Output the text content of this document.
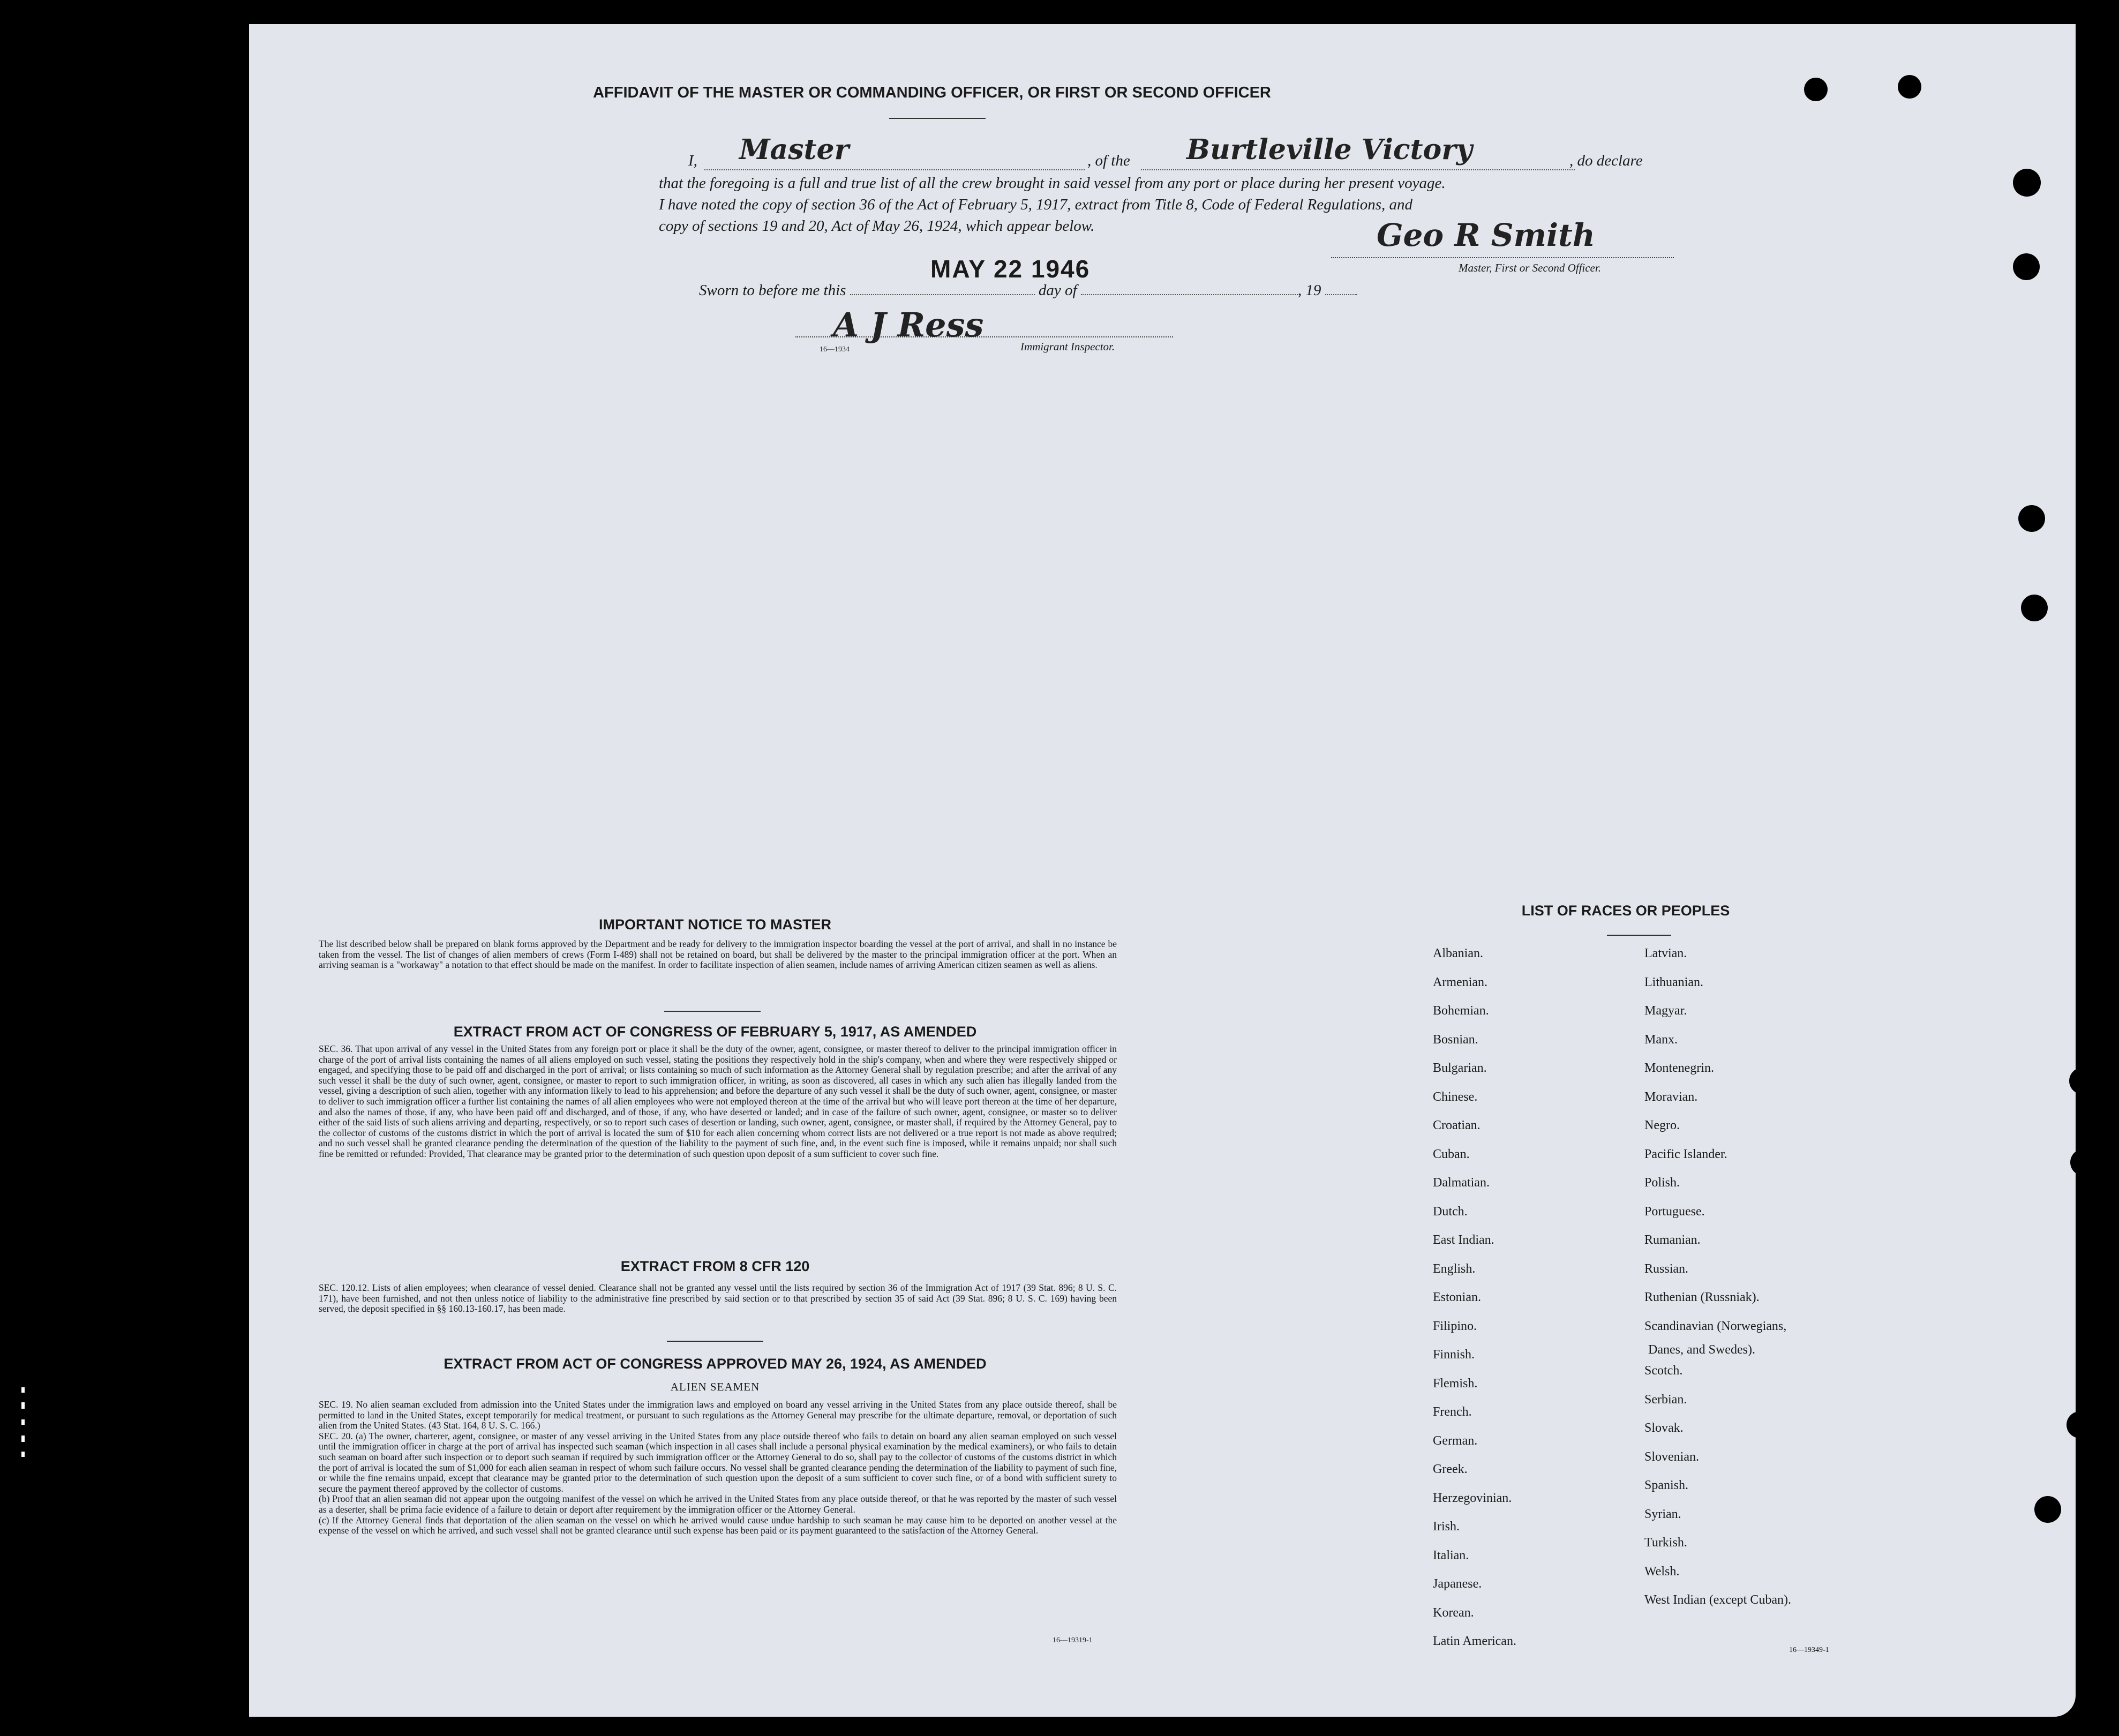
AFFIDAVIT OF THE MASTER OR COMMANDING OFFICER, OR FIRST OR SECOND OFFICER
I, Master	, of the Burtleville Victory	, do declare
that the foregoing is a full and true list of all the crew brought in said vessel from any port or place during her present voyage.
I have noted the copy of section 36 of the Act of February 5, 1917, extract from Title 8, Code of Federal Regulations, and
copy of sections 19 and 20, Act of May 26, 1924, which appear below.	Geo R Smith
Master, First or Second Officer.
MAY 22 1946
Sworn to before me this	day of	, 19
A J Ress
16—1934	Immigrant Inspector.
IMPORTANT NOTICE TO MASTER
The list described below shall be prepared on blank forms approved by the Department and be ready for delivery to the immigration inspector boarding the vessel at the port of arrival, and shall in no instance be taken from the vessel. The list of changes of alien members of crews (Form I-489) shall not be retained on board, but shall be delivered by the master to the principal immigration officer at the port. When an arriving seaman is a "workaway" a notation to that effect should be made on the manifest. In order to facilitate inspection of alien seamen, include names of arriving American citizen seamen as well as aliens.
EXTRACT FROM ACT OF CONGRESS OF FEBRUARY 5, 1917, AS AMENDED
SEC. 36. That upon arrival of any vessel in the United States from any foreign port or place it shall be the duty of the owner, agent, consignee, or master thereof to deliver to the principal immigration officer in charge of the port of arrival lists containing the names of all aliens employed on such vessel, stating the positions they respectively hold in the ship's company, when and where they were respectively shipped or engaged, and specifying those to be paid off and discharged in the port of arrival; or lists containing so much of such information as the Attorney General shall by regulation prescribe; and after the arrival of any such vessel it shall be the duty of such owner, agent, consignee, or master to report to such immigration officer, in writing, as soon as discovered, all cases in which any such alien has illegally landed from the vessel, giving a description of such alien, together with any information likely to lead to his apprehension; and before the departure of any such vessel it shall be the duty of such owner, agent, consignee, or master to deliver to such immigration officer a further list containing the names of all alien employees who were not employed thereon at the time of the arrival but who will leave port thereon at the time of her departure, and also the names of those, if any, who have been paid off and discharged, and of those, if any, who have deserted or landed; and in case of the failure of such owner, agent, consignee, or master so to deliver either of the said lists of such aliens arriving and departing, respectively, or so to report such cases of desertion or landing, such owner, agent, consignee, or master shall, if required by the Attorney General, pay to the collector of customs of the customs district in which the port of arrival is located the sum of $10 for each alien concerning whom correct lists are not delivered or a true report is not made as above required; and no such vessel shall be granted clearance pending the determination of the question of the liability to the payment of such fine, and, in the event such fine is imposed, while it remains unpaid; nor shall such fine be remitted or refunded: Provided, That clearance may be granted prior to the determination of such question upon deposit of a sum sufficient to cover such fine.
EXTRACT FROM 8 CFR 120
SEC. 120.12. Lists of alien employees; when clearance of vessel denied. Clearance shall not be granted any vessel until the lists required by section 36 of the Immigration Act of 1917 (39 Stat. 896; 8 U. S. C. 171), have been furnished, and not then unless notice of liability to the administrative fine prescribed by said section or to that prescribed by section 35 of said Act (39 Stat. 896; 8 U. S. C. 169) having been served, the deposit specified in §§ 160.13-160.17, has been made.
EXTRACT FROM ACT OF CONGRESS APPROVED MAY 26, 1924, AS AMENDED
ALIEN SEAMEN
SEC. 19. No alien seaman excluded from admission into the United States under the immigration laws and employed on board any vessel arriving in the United States from any place outside thereof, shall be permitted to land in the United States, except temporarily for medical treatment, or pursuant to such regulations as the Attorney General may prescribe for the ultimate departure, removal, or deportation of such alien from the United States. (43 Stat. 164, 8 U. S. C. 166.)
SEC. 20. (a) The owner, charterer, agent, consignee, or master of any vessel arriving in the United States from any place outside thereof who fails to detain on board any alien seaman employed on such vessel until the immigration officer in charge at the port of arrival has inspected such seaman (which inspection in all cases shall include a personal physical examination by the medical examiners), or who fails to detain such seaman on board after such inspection or to deport such seaman if required by such immigration officer or the Attorney General to do so, shall pay to the collector of customs of the customs district in which the port of arrival is located the sum of $1,000 for each alien seaman in respect of whom such failure occurs. No vessel shall be granted clearance pending the determination of the liability to payment of such fine, or while the fine remains unpaid, except that clearance may be granted prior to the determination of such question upon the deposit of a sum sufficient to cover such fine, or of a bond with sufficient surety to secure the payment thereof approved by the collector of customs.
(b) Proof that an alien seaman did not appear upon the outgoing manifest of the vessel on which he arrived in the United States from any place outside thereof, or that he was reported by the master of such vessel as a deserter, shall be prima facie evidence of a failure to detain or deport after requirement by the immigration officer or the Attorney General.
(c) If the Attorney General finds that deportation of the alien seaman on the vessel on which he arrived would cause undue hardship to such seaman he may cause him to be deported on another vessel at the expense of the vessel on which he arrived, and such vessel shall not be granted clearance until such expense has been paid or its payment guaranteed to the satisfaction of the Attorney General.
16—19319-1
LIST OF RACES OR PEOPLES
Danes, and Swedes).
16—19349-1
Albanian.
Armenian.
Bohemian.
Bosnian.
Bulgarian.
Chinese.
Croatian.
Cuban.
Dalmatian.
Dutch.
East Indian.
English.
Estonian.
Filipino.
Finnish.
Flemish.
French.
German.
Greek.
Herzegovinian.
Irish.
Italian.
Japanese.
Korean.
Latin American.
Latvian.
Lithuanian.
Magyar.
Manx.
Montenegrin.
Moravian.
Negro.
Pacific Islander.
Polish.
Portuguese.
Rumanian.
Russian.
Ruthenian (Russniak).
Scandinavian (Norwegians,
Scotch.
Serbian.
Slovak.
Slovenian.
Spanish.
Syrian.
Turkish.
Welsh.
West Indian (except Cuban).
